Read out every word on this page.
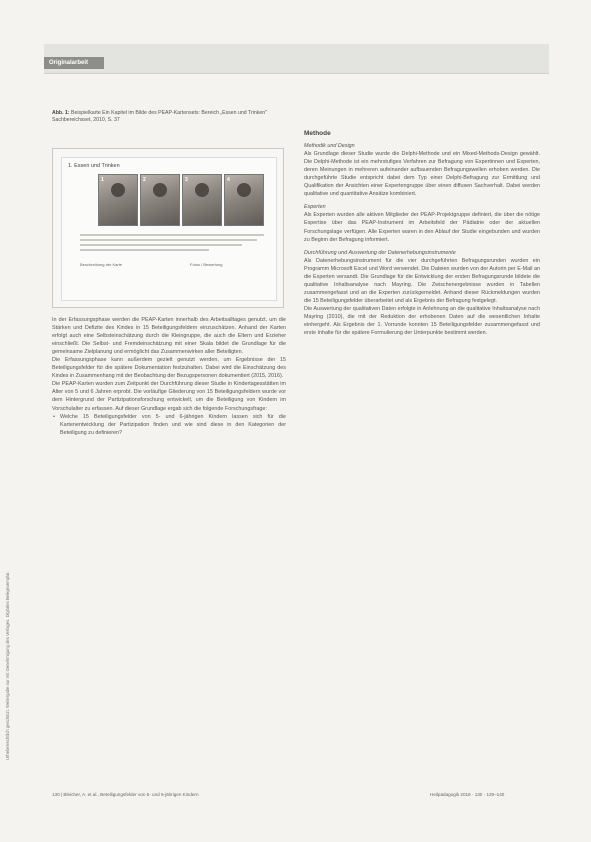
Urheberrechtlich geschützt. Weitergabe nur mit Genehmigung des Verlages. Digitales Belegexemplar.
Originalarbeit
Abb. 1: Beispielkarte Ein Kapitel im Bilde des PEAP-Kartensets: Bereich „Essen und Trinken" Sachbereichsset, 2010, S. 37
1. Essen und Trinken
1	2	3	4
Beschreibung der Karte	Fotos / Bewertung

In der Erfassungsphase werden die PEAP-Karten innerhalb des Arbeitsalltages genutzt, um die Stärken und Defizite des Kindes in 15 Beteiligungsfeldern einzuschätzen. Anhand der Karten erfolgt auch eine Selbsteinschätzung durch die Kleingruppe, die auch die Eltern und Erzieher einschließt. Die Selbst- und Fremdeinschätzung mit einer Skala bildet die Grundlage für die gemeinsame Zielplanung und ermöglicht das Zusammenwirken aller Beteiligten.

Die Erfassungsphase kann außerdem gezielt genutzt werden, um Ergebnisse der 15 Beteiligungsfelder für die spätere Dokumentation festzuhalten. Dabei wird die Einschätzung des Kindes in Zusammenhang mit der Beobachtung der Bezugspersonen dokumentiert (2015, 2016).

Die PEAP-Karten wurden zum Zeitpunkt der Durchführung dieser Studie in Kindertagesstätten im Alter von 5 und 6 Jahren erprobt. Die vorläufige Gliederung von 15 Beteiligungsfeldern wurde vor dem Hintergrund der Partizipationsforschung entwickelt, um die Beteiligung von Kindern im Vorschulalter zu erfassen. Auf dieser Grundlage ergab sich die folgende Forschungsfrage:

• Welche 15 Beteiligungsfelder von 5- und 6-jährigen Kindern lassen sich für die Kartenentwicklung der Partizipation finden und wie sind diese in den Kategorien der Beteiligung zu definieren?

Methode

Methodik und Design

Als Grundlage dieser Studie wurde die Delphi-Methode und ein Mixed-Methods-Design gewählt. Die Delphi-Methode ist ein mehrstufiges Verfahren zur Befragung von Expertinnen und Experten, deren Meinungen in mehreren aufeinander aufbauenden Befragungswellen erhoben werden. Die durchgeführte Studie entspricht dabei dem Typ einer Delphi-Befragung zur Ermittlung und Qualifikation der Ansichten einer Expertengruppe über einen diffusen Sachverhalt. Dabei werden qualitative und quantitative Ansätze kombiniert.

Experten

Als Experten wurden alle aktiven Mitglieder der PEAP-Projektgruppe definiert, die über die nötige Expertise über das PEAP-Instrument im Arbeitsfeld der Pädiatrie oder der aktuellen Forschungslage verfügen. Alle Experten waren in den Ablauf der Studie eingebunden und wurden zu Beginn der Befragung informiert.

Durchführung und Auswertung der Datenerhebungsinstrumente

Als Datenerhebungsinstrument für die vier durchgeführten Befragungsrunden wurden ein Programm Microsoft Excel und Word verwendet. Die Dateien wurden von der Autorin per E-Mail an die Experten versandt. Die Grundlage für die Entwicklung der ersten Befragungsrunde bildete die qualitative Inhaltsanalyse nach Mayring. Die Zwischenergebnisse wurden in Tabellen zusammengefasst und an die Experten zurückgemeldet. Anhand dieser Rückmeldungen wurden die 15 Beteiligungsfelder überarbeitet und als Ergebnis der Befragung festgelegt.

Die Auswertung der qualitativen Daten erfolgte in Anlehnung an die qualitative Inhaltsanalyse nach Mayring (2010), die mit der Reduktion der erhobenen Daten auf die wesentlichen Inhalte einhergeht. Als Ergebnis der 1. Vorrunde konnten 15 Beteiligungsfelder zusammengefasst und erste Inhalte für die spätere Formulierung der Unterpunkte bestimmt werden.

130 | Bleicher, A. et al., Beteiligungsfelder von 5- und 6-jährigen Kindern	Heilpädagogik 2018 · 130 · 129–140
